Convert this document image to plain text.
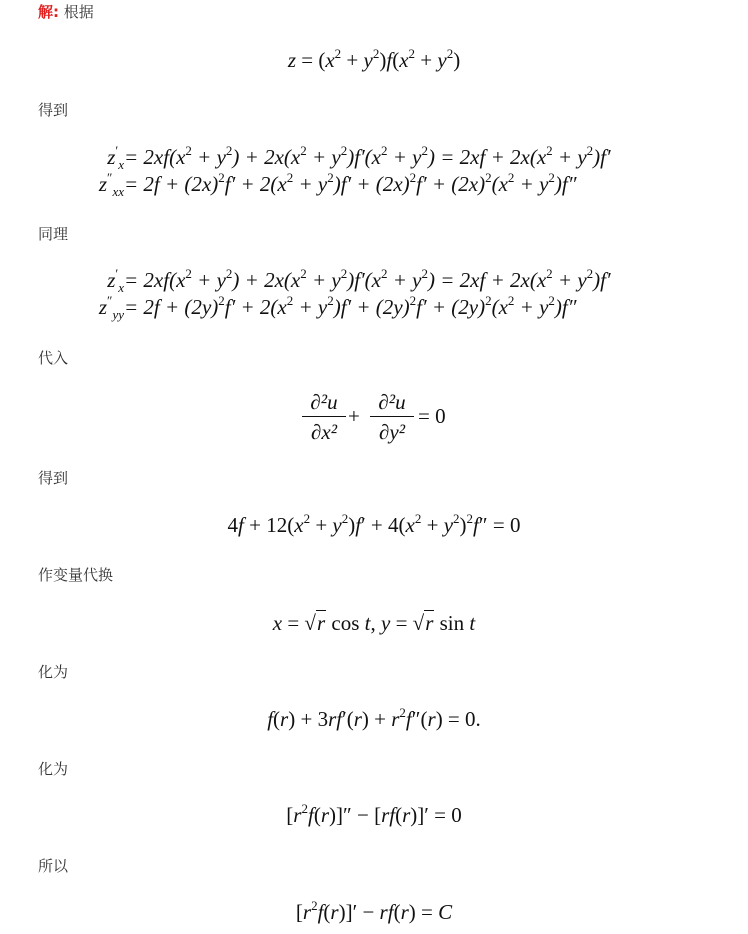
解: 根据
$z = (x^2 + y^2)f(x^2 + y^2)$
得到
$z'_x = 2xf(x^2 + y^2) + 2x(x^2 + y^2)f'(x^2 + y^2) = 2xf + 2x(x^2 + y^2)f'$
$z''_{xx} = 2f + (2x)^2f' + 2(x^2 + y^2)f' + (2x)^2f' + (2x)^2(x^2 + y^2)f''$
同理
$z'_x = 2xf(x^2 + y^2) + 2x(x^2 + y^2)f'(x^2 + y^2) = 2xf + 2x(x^2 + y^2)f'$
$z''_{yy} = 2f + (2y)^2f' + 2(x^2 + y^2)f' + (2y)^2f' + (2y)^2(x^2 + y^2)f''$
代入
∂²u
∂x²
+
∂²u
∂y²
= 0
得到
$4f + 12(x^2 + y^2)f' + 4(x^2 + y^2)^2f'' = 0$
作变量代换
x = √r cos t, y = √r sin t
化为
$f(r) + 3rf'(r) + r^2f''(r) = 0$.
化为
$[r^2f(r)]'' - [rf(r)]' = 0$
所以
$[r^2f(r)]' - rf(r) = C$
